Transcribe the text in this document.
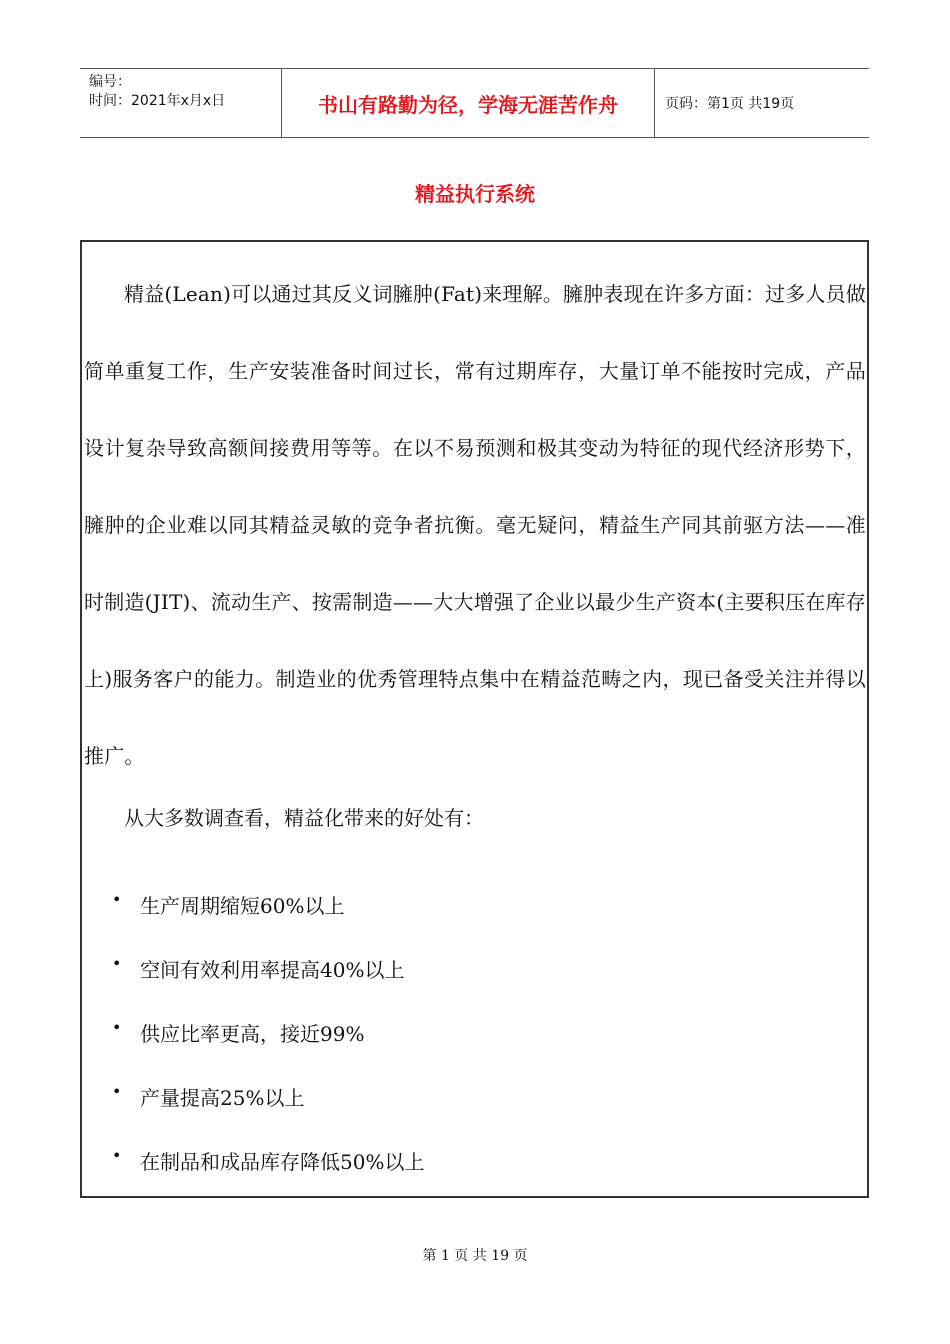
编号：
时间：2021年x月x日	书山有路勤为径，学海无涯苦作舟	页码：第1页 共19页
精益执行系统
精益(Lean)可以通过其反义词臃肿(Fat)来理解。臃肿表现在许多方面：过多人员做简单重复工作，生产安装准备时间过长，常有过期库存，大量订单不能按时完成，产品设计复杂导致高额间接费用等等。在以不易预测和极其变动为特征的现代经济形势下，臃肿的企业难以同其精益灵敏的竞争者抗衡。毫无疑问，精益生产同其前驱方法——准时制造(JIT)、流动生产、按需制造——大大增强了企业以最少生产资本(主要积压在库存上)服务客户的能力。制造业的优秀管理特点集中在精益范畴之内，现已备受关注并得以推广。
从大多数调查看，精益化带来的好处有：
• 生产周期缩短60%以上
• 空间有效利用率提高40%以上
• 供应比率更高，接近99%
• 产量提高25%以上
• 在制品和成品库存降低50%以上
第 1 页 共 19 页
